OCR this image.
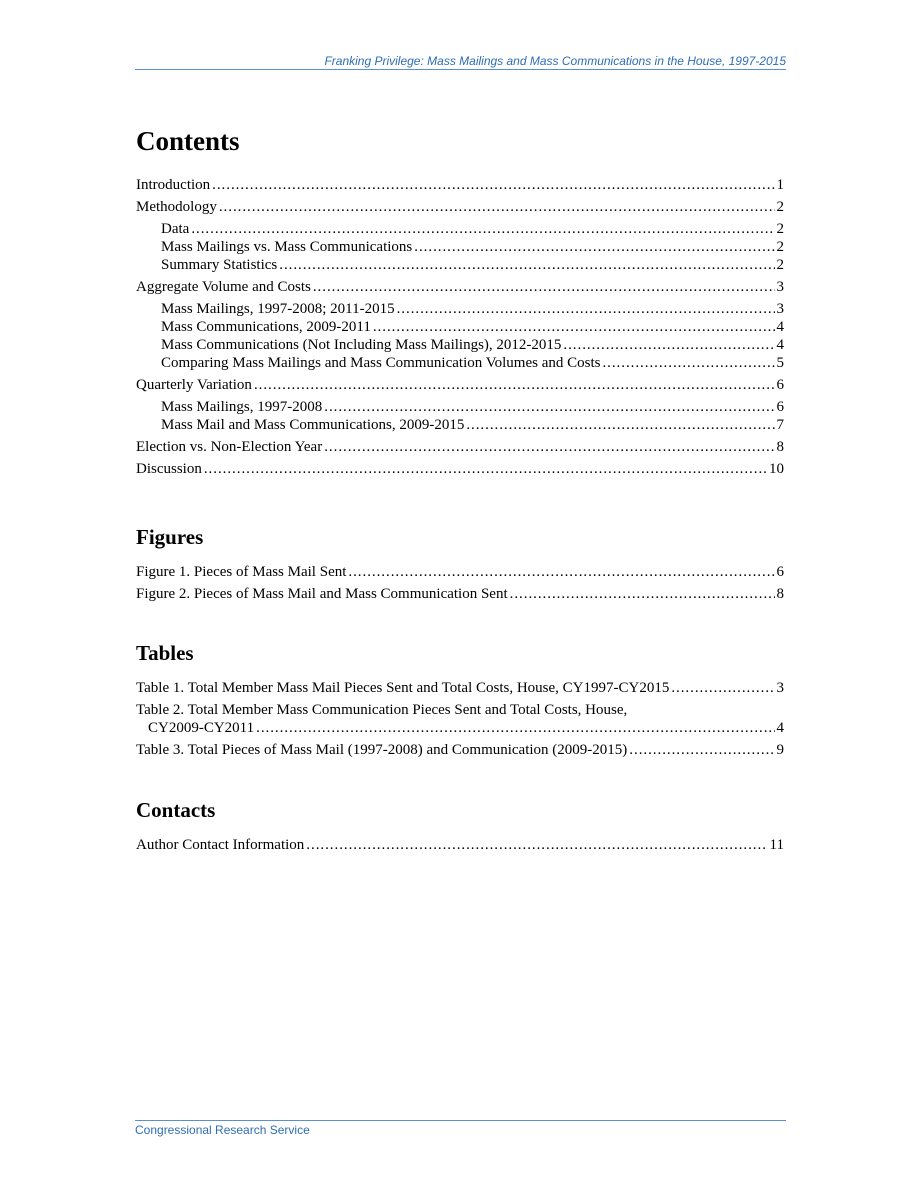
Franking Privilege: Mass Mailings and Mass Communications in the House, 1997-2015
Contents
Introduction . . .	1
Methodology . . .	2
Data . . .	2
Mass Mailings vs. Mass Communications . . .	2
Summary Statistics . . .	2
Aggregate Volume and Costs . . .	3
Mass Mailings, 1997-2008; 2011-2015 . . .	3
Mass Communications, 2009-2011 . . .	4
Mass Communications (Not Including Mass Mailings), 2012-2015 . . .	4
Comparing Mass Mailings and Mass Communication Volumes and Costs . . .	5
Quarterly Variation . . .	6
Mass Mailings, 1997-2008 . . .	6
Mass Mail and Mass Communications, 2009-2015 . . .	7
Election vs. Non-Election Year . . .	8
Discussion . . .	10
Figures
Figure 1. Pieces of Mass Mail Sent . . .	6
Figure 2. Pieces of Mass Mail and Mass Communication Sent . . .	8
Tables
Table 1. Total Member Mass Mail Pieces Sent and Total Costs, House, CY1997-CY2015 . . .	3
Table 2. Total Member Mass Communication Pieces Sent and Total Costs, House,
CY2009-CY2011 . . .	4
Table 3. Total Pieces of Mass Mail (1997-2008) and Communication (2009-2015) . . .	9
Contacts
Author Contact Information . . .	11
Congressional Research Service
